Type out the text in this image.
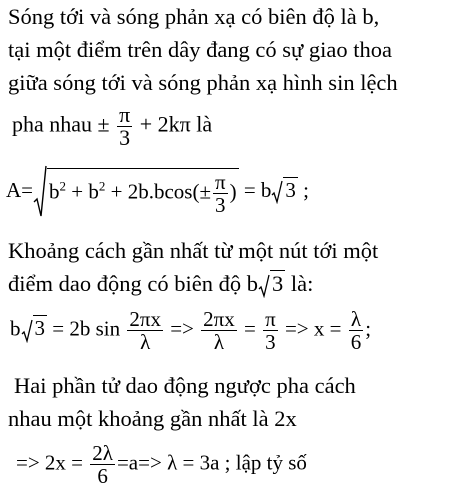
Sóng tới và sóng phản xạ có biên độ là b,
tại một điểm trên dây đang có sự giao thoa
giữa sóng tới và sóng phản xạ hình sin lệch
pha nhau ± $\frac{\pi}{3} + 2k\pi$ là
$A= b^2 + b^2 + 2b.bcos(\pm \frac{\pi}{3}$ ) = b 3 ;
Khoảng cách gần nhất từ một nút tới một
điểm dao động có biên độ b 3 là:
b 3 = 2b $\sin \frac{2\pi x}{\lambda} => \frac{2\pi x}{\lambda} = \frac{\pi}{3} => x = \frac{\lambda}{6}$ ;
Hai phần tử dao động ngược pha cách
nhau một khoảng gần nhất là 2x
=> $2x = \frac{2\lambda}{6} =a=> \lambda = 3a$ ; lập tỷ số
